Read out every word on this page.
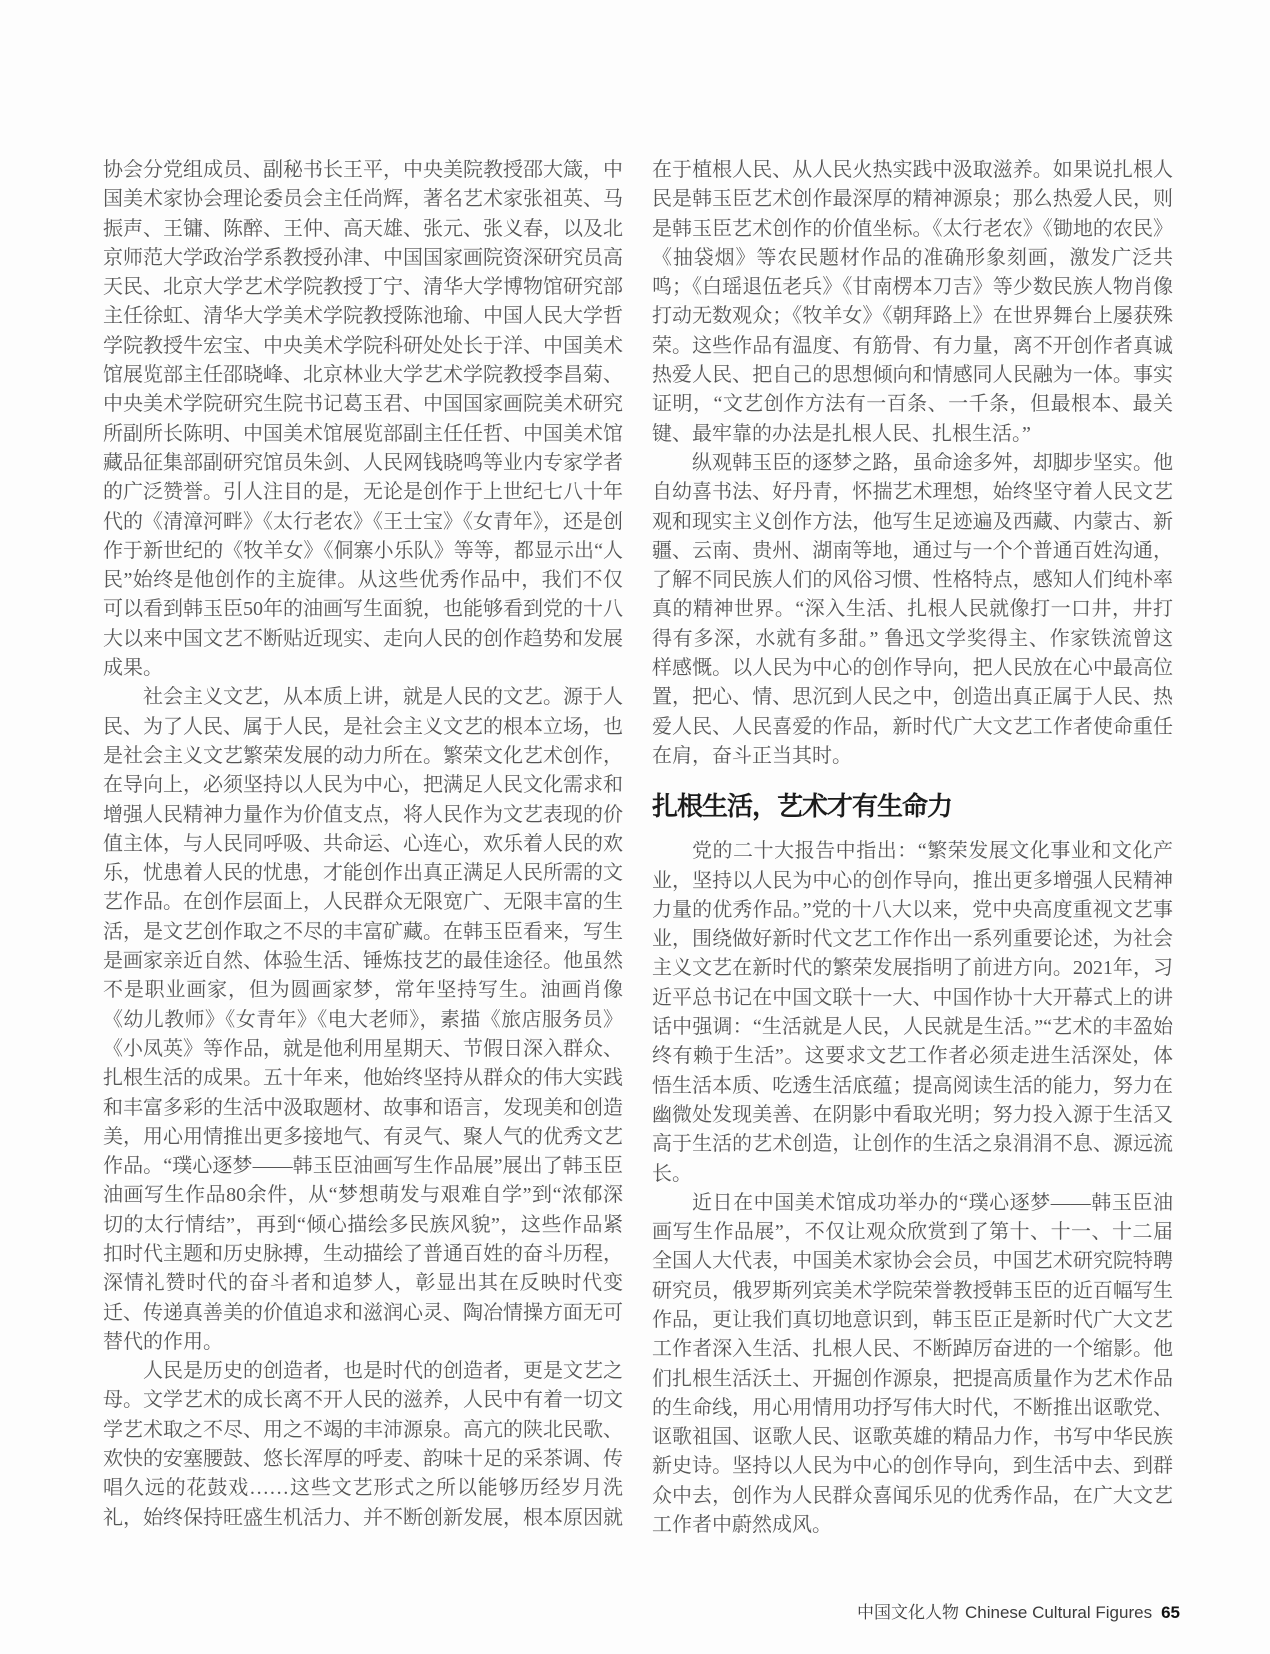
协会分党组成员、副秘书长王平，中央美院教授邵大箴，中国美术家协会理论委员会主任尚辉，著名艺术家张祖英、马振声、王镛、陈醉、王仲、高天雄、张元、张义春，以及北京师范大学政治学系教授孙津、中国国家画院资深研究员高天民、北京大学艺术学院教授丁宁、清华大学博物馆研究部主任徐虹、清华大学美术学院教授陈池瑜、中国人民大学哲学院教授牛宏宝、中央美术学院科研处处长于洋、中国美术馆展览部主任邵晓峰、北京林业大学艺术学院教授李昌菊、中央美术学院研究生院书记葛玉君、中国国家画院美术研究所副所长陈明、中国美术馆展览部副主任任哲、中国美术馆藏品征集部副研究馆员朱剑、人民网钱晓鸣等业内专家学者的广泛赞誉。引人注目的是，无论是创作于上世纪七八十年代的《清漳河畔》《太行老农》《王士宝》《女青年》，还是创作于新世纪的《牧羊女》《侗寨小乐队》等等，都显示出“人民”始终是他创作的主旋律。从这些优秀作品中，我们不仅可以看到韩玉臣50年的油画写生面貌，也能够看到党的十八大以来中国文艺不断贴近现实、走向人民的创作趋势和发展成果。

社会主义文艺，从本质上讲，就是人民的文艺。源于人民、为了人民、属于人民，是社会主义文艺的根本立场，也是社会主义文艺繁荣发展的动力所在。繁荣文化艺术创作，在导向上，必须坚持以人民为中心，把满足人民文化需求和增强人民精神力量作为价值支点，将人民作为文艺表现的价值主体，与人民同呼吸、共命运、心连心，欢乐着人民的欢乐，忧患着人民的忧患，才能创作出真正满足人民所需的文艺作品。在创作层面上，人民群众无限宽广、无限丰富的生活，是文艺创作取之不尽的丰富矿藏。在韩玉臣看来，写生是画家亲近自然、体验生活、锤炼技艺的最佳途径。他虽然不是职业画家，但为圆画家梦，常年坚持写生。油画肖像《幼儿教师》《女青年》《电大老师》，素描《旅店服务员》《小凤英》等作品，就是他利用星期天、节假日深入群众、扎根生活的成果。五十年来，他始终坚持从群众的伟大实践和丰富多彩的生活中汲取题材、故事和语言，发现美和创造美，用心用情推出更多接地气、有灵气、聚人气的优秀文艺作品。“璞心逐梦——韩玉臣油画写生作品展”展出了韩玉臣油画写生作品80余件，从“梦想萌发与艰难自学”到“浓郁深切的太行情结”，再到“倾心描绘多民族风貌”，这些作品紧扣时代主题和历史脉搏，生动描绘了普通百姓的奋斗历程，深情礼赞时代的奋斗者和追梦人，彰显出其在反映时代变迁、传递真善美的价值追求和滋润心灵、陶冶情操方面无可替代的作用。

人民是历史的创造者，也是时代的创造者，更是文艺之母。文学艺术的成长离不开人民的滋养，人民中有着一切文学艺术取之不尽、用之不竭的丰沛源泉。高亢的陕北民歌、欢快的安塞腰鼓、悠长浑厚的呼麦、韵味十足的采茶调、传唱久远的花鼓戏……这些文艺形式之所以能够历经岁月洗礼，始终保持旺盛生机活力、并不断创新发展，根本原因就

在于植根人民、从人民火热实践中汲取滋养。如果说扎根人民是韩玉臣艺术创作最深厚的精神源泉；那么热爱人民，则是韩玉臣艺术创作的价值坐标。《太行老农》《锄地的农民》《抽袋烟》等农民题材作品的准确形象刻画，激发广泛共鸣；《白瑶退伍老兵》《甘南楞本刀吉》等少数民族人物肖像打动无数观众；《牧羊女》《朝拜路上》在世界舞台上屡获殊荣。这些作品有温度、有筋骨、有力量，离不开创作者真诚热爱人民、把自己的思想倾向和情感同人民融为一体。事实证明，“文艺创作方法有一百条、一千条，但最根本、最关键、最牢靠的办法是扎根人民、扎根生活。”

纵观韩玉臣的逐梦之路，虽命途多舛，却脚步坚实。他自幼喜书法、好丹青，怀揣艺术理想，始终坚守着人民文艺观和现实主义创作方法，他写生足迹遍及西藏、内蒙古、新疆、云南、贵州、湖南等地，通过与一个个普通百姓沟通，了解不同民族人们的风俗习惯、性格特点，感知人们纯朴率真的精神世界。“深入生活、扎根人民就像打一口井，井打得有多深，水就有多甜。” 鲁迅文学奖得主、作家铁流曾这样感慨。以人民为中心的创作导向，把人民放在心中最高位置，把心、情、思沉到人民之中，创造出真正属于人民、热爱人民、人民喜爱的作品，新时代广大文艺工作者使命重任在肩，奋斗正当其时。

扎根生活，艺术才有生命力

党的二十大报告中指出：“繁荣发展文化事业和文化产业，坚持以人民为中心的创作导向，推出更多增强人民精神力量的优秀作品。”党的十八大以来，党中央高度重视文艺事业，围绕做好新时代文艺工作作出一系列重要论述，为社会主义文艺在新时代的繁荣发展指明了前进方向。2021年，习近平总书记在中国文联十一大、中国作协十大开幕式上的讲话中强调：“生活就是人民，人民就是生活。”“艺术的丰盈始终有赖于生活”。这要求文艺工作者必须走进生活深处，体悟生活本质、吃透生活底蕴；提高阅读生活的能力，努力在幽微处发现美善、在阴影中看取光明；努力投入源于生活又高于生活的艺术创造，让创作的生活之泉涓涓不息、源远流长。

近日在中国美术馆成功举办的“璞心逐梦——韩玉臣油画写生作品展”，不仅让观众欣赏到了第十、十一、十二届全国人大代表，中国美术家协会会员，中国艺术研究院特聘研究员，俄罗斯列宾美术学院荣誉教授韩玉臣的近百幅写生作品，更让我们真切地意识到，韩玉臣正是新时代广大文艺工作者深入生活、扎根人民、不断踔厉奋进的一个缩影。他们扎根生活沃土、开掘创作源泉，把提高质量作为艺术作品的生命线，用心用情用功抒写伟大时代，不断推出讴歌党、讴歌祖国、讴歌人民、讴歌英雄的精品力作，书写中华民族新史诗。坚持以人民为中心的创作导向，到生活中去、到群众中去，创作为人民群众喜闻乐见的优秀作品，在广大文艺工作者中蔚然成风。

中国文化人物 Chinese Cultural Figures 65
